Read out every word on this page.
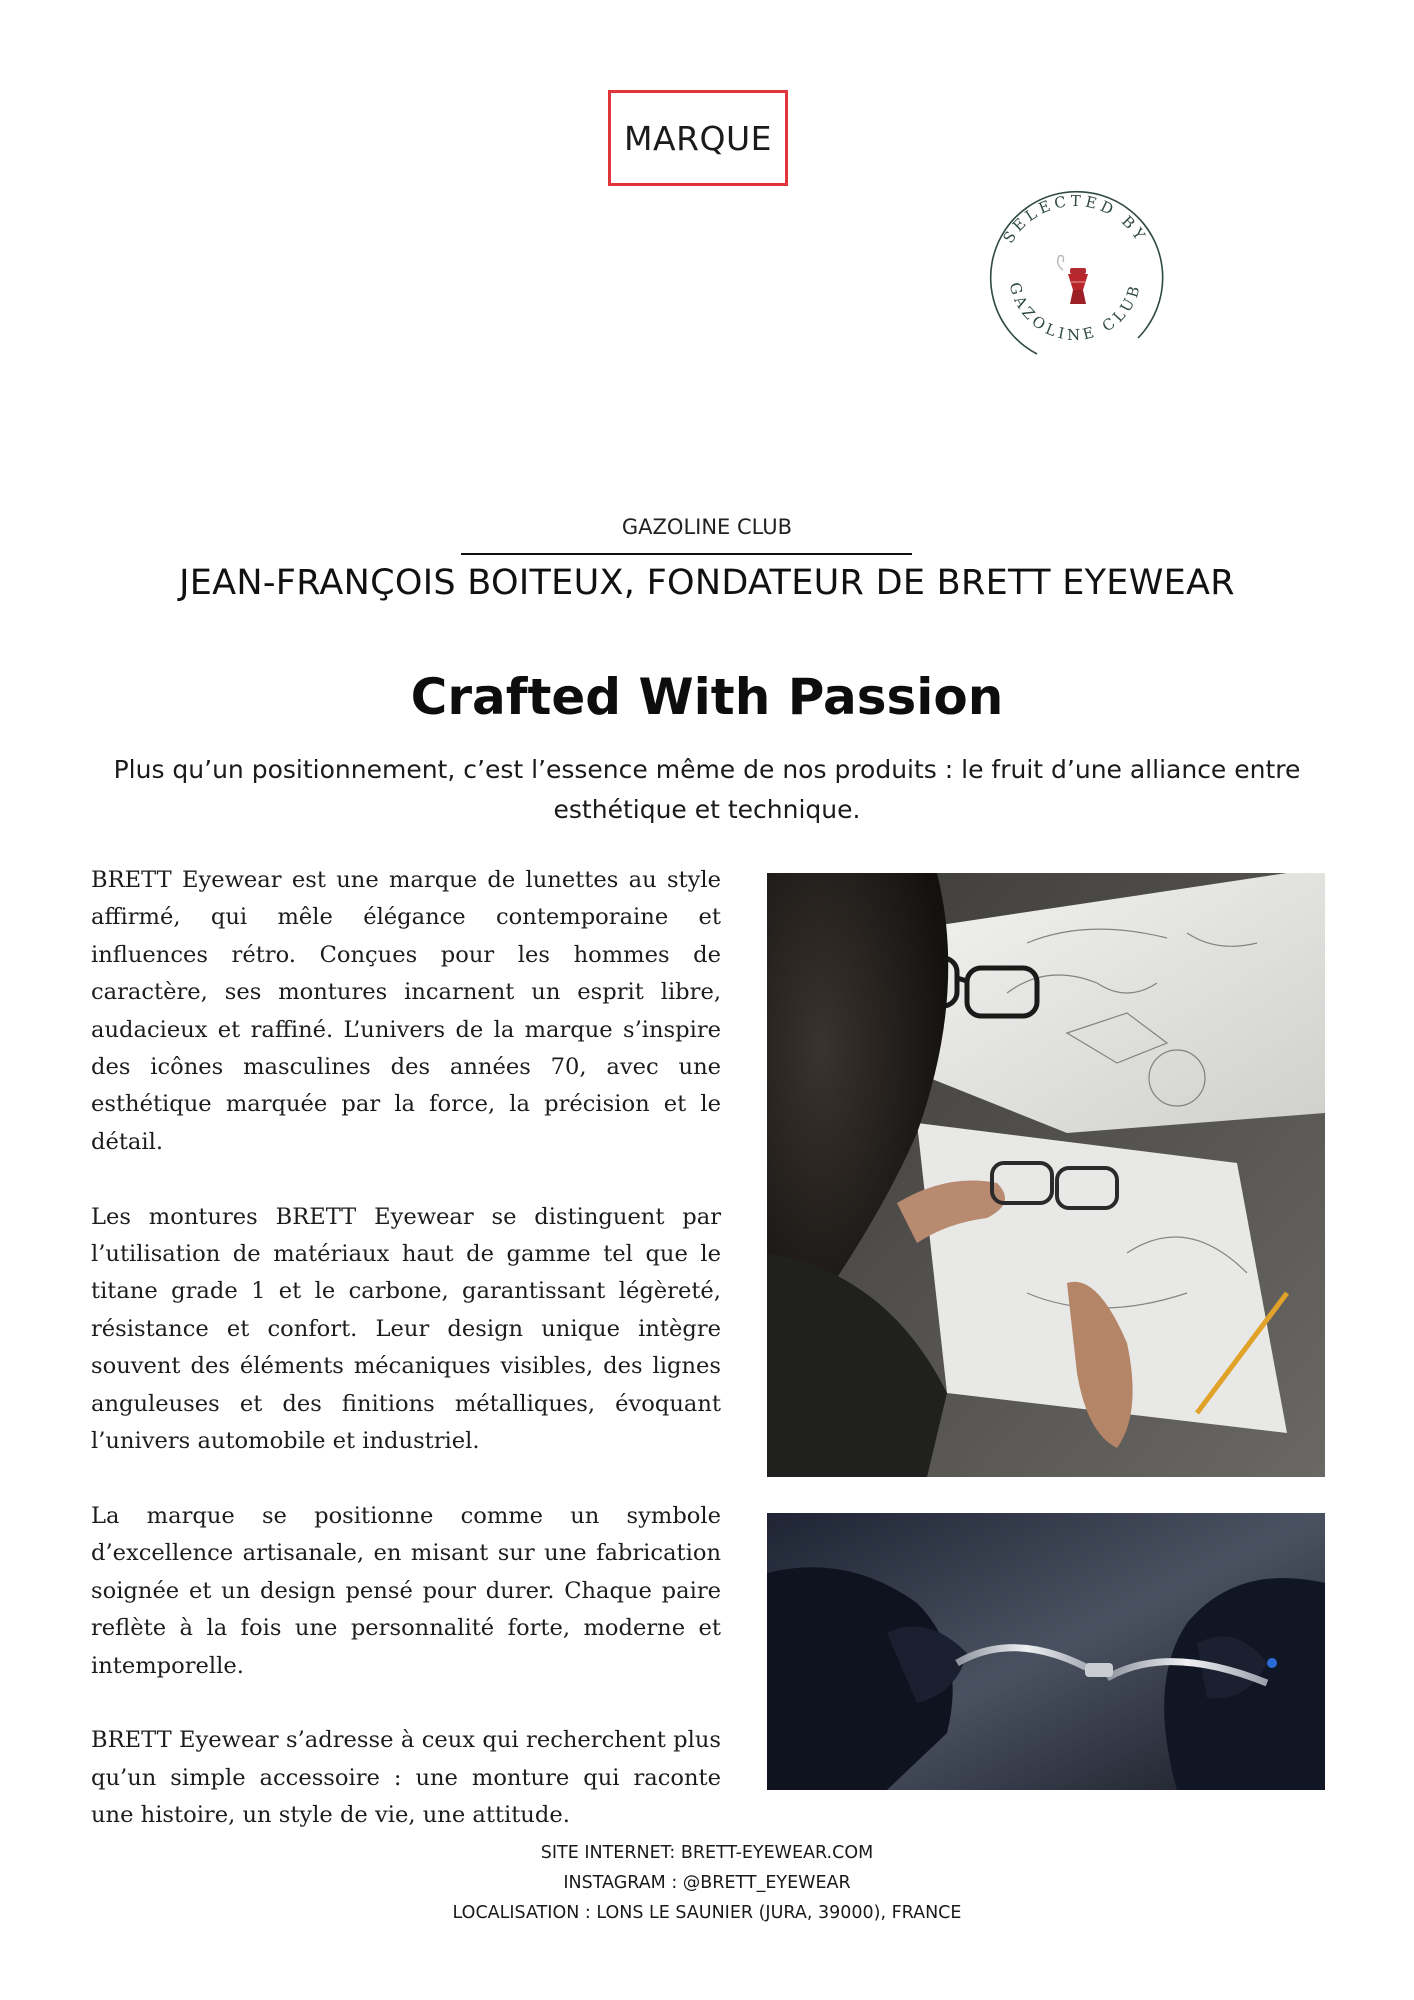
MARQUE
SELECTED BY
GAZOLINE CLUB
GAZOLINE CLUB
JEAN-FRANÇOIS BOITEUX, FONDATEUR DE BRETT EYEWEAR
Crafted With Passion
Plus qu’un positionnement, c’est l’essence même de nos produits : le fruit d’une alliance entre esthétique et technique.

BRETT Eyewear est une marque de lunettes au style affirmé, qui mêle élégance contemporaine et influences rétro. Conçues pour les hommes de caractère, ses montures incarnent un esprit libre, audacieux et raffiné. L’univers de la marque s’inspire des icônes masculines des années 70, avec une esthétique marquée par la force, la précision et le détail.

Les montures BRETT Eyewear se distinguent par l’utilisation de matériaux haut de gamme tel que le titane grade 1 et le carbone, garantissant légèreté, résistance et confort. Leur design unique intègre souvent des éléments mécaniques visibles, des lignes anguleuses et des finitions métalliques, évoquant l’univers automobile et industriel.

La marque se positionne comme un symbole d’excellence artisanale, en misant sur une fabrication soignée et un design pensé pour durer. Chaque paire reflète à la fois une personnalité forte, moderne et intemporelle.

BRETT Eyewear s’adresse à ceux qui recherchent plus qu’un simple accessoire : une monture qui raconte une histoire, un style de vie, une attitude.

SITE INTERNET: BRETT-EYEWEAR.COM
INSTAGRAM : @BRETT_EYEWEAR
LOCALISATION : LONS LE SAUNIER (JURA, 39000), FRANCE
